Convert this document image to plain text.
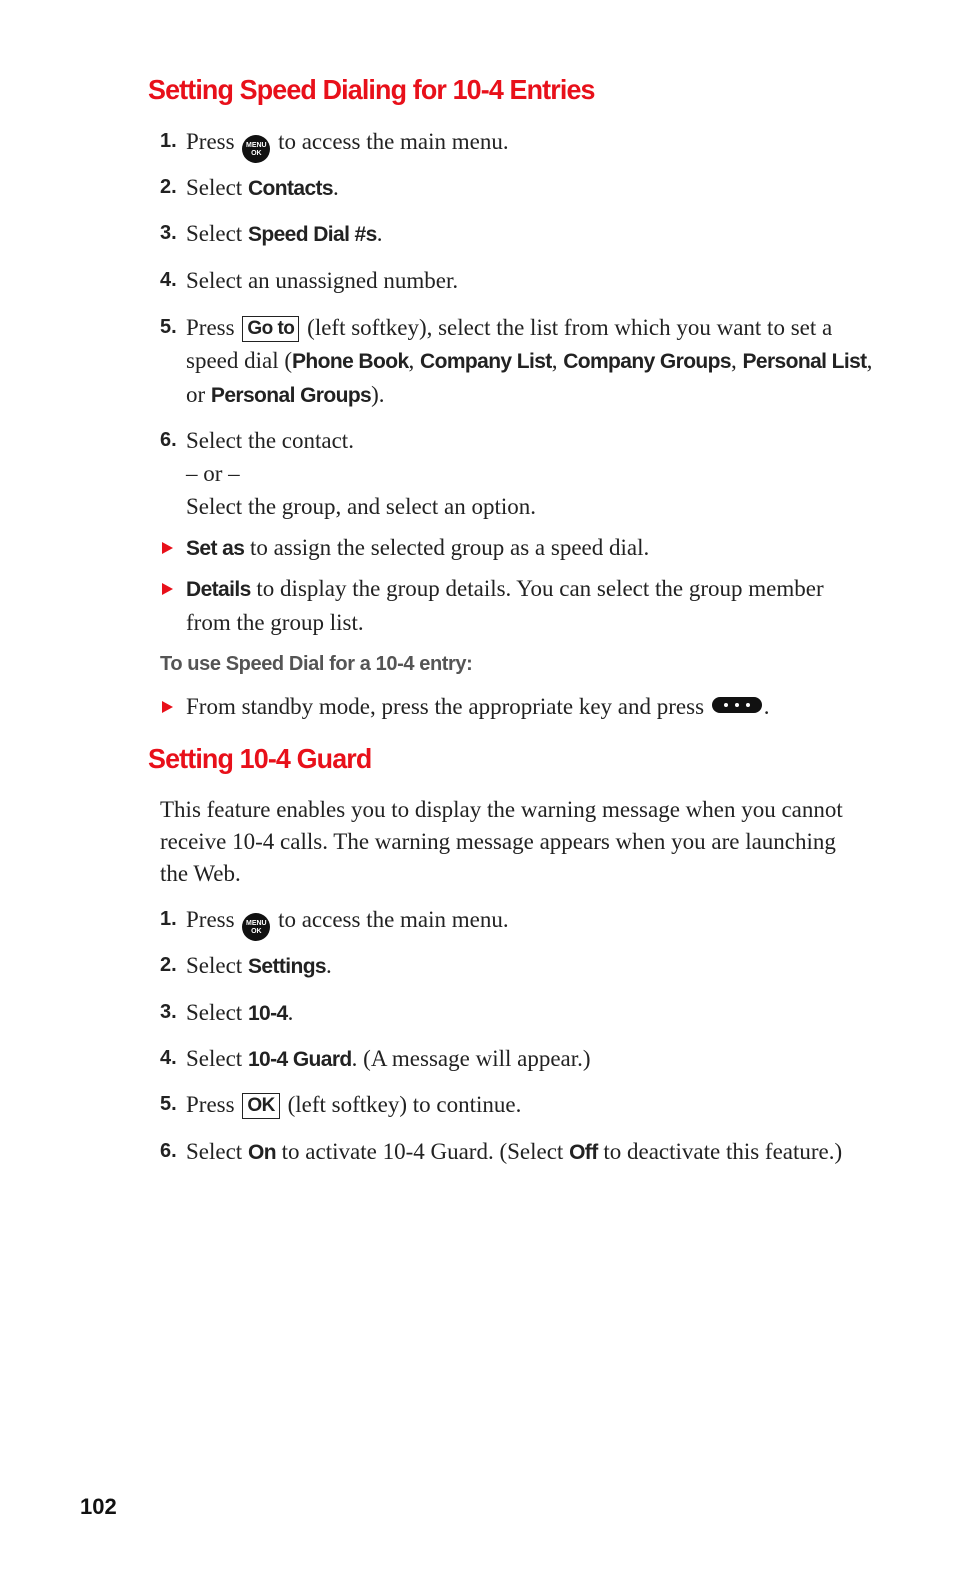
Setting Speed Dialing for 10-4 Entries
1. Press	MENU
OK to access the main menu.
2. Select Contacts.
3. Select Speed Dial #s.
4. Select an unassigned number.
5. Press Go to (left softkey), select the list from which you want to set a speed dial (Phone Book, Company List, Company Groups, Personal List, or Personal Groups).
6. Select the contact.
– or –
Select the group, and select an option.
Set as to assign the selected group as a speed dial.
Details to display the group details. You can select the group member from the group list.
To use Speed Dial for a 10-4 entry:
From standby mode, press the appropriate key and press	.
Setting 10-4 Guard
This feature enables you to display the warning message when you cannot receive 10-4 calls. The warning message appears when you are launching the Web.
1. Press	MENU
OK to access the main menu.
2. Select Settings.
3. Select 10-4.
4. Select 10-4 Guard. (A message will appear.)
5. Press OK (left softkey) to continue.
6. Select On to activate 10-4 Guard. (Select Off to deactivate this feature.)

102
